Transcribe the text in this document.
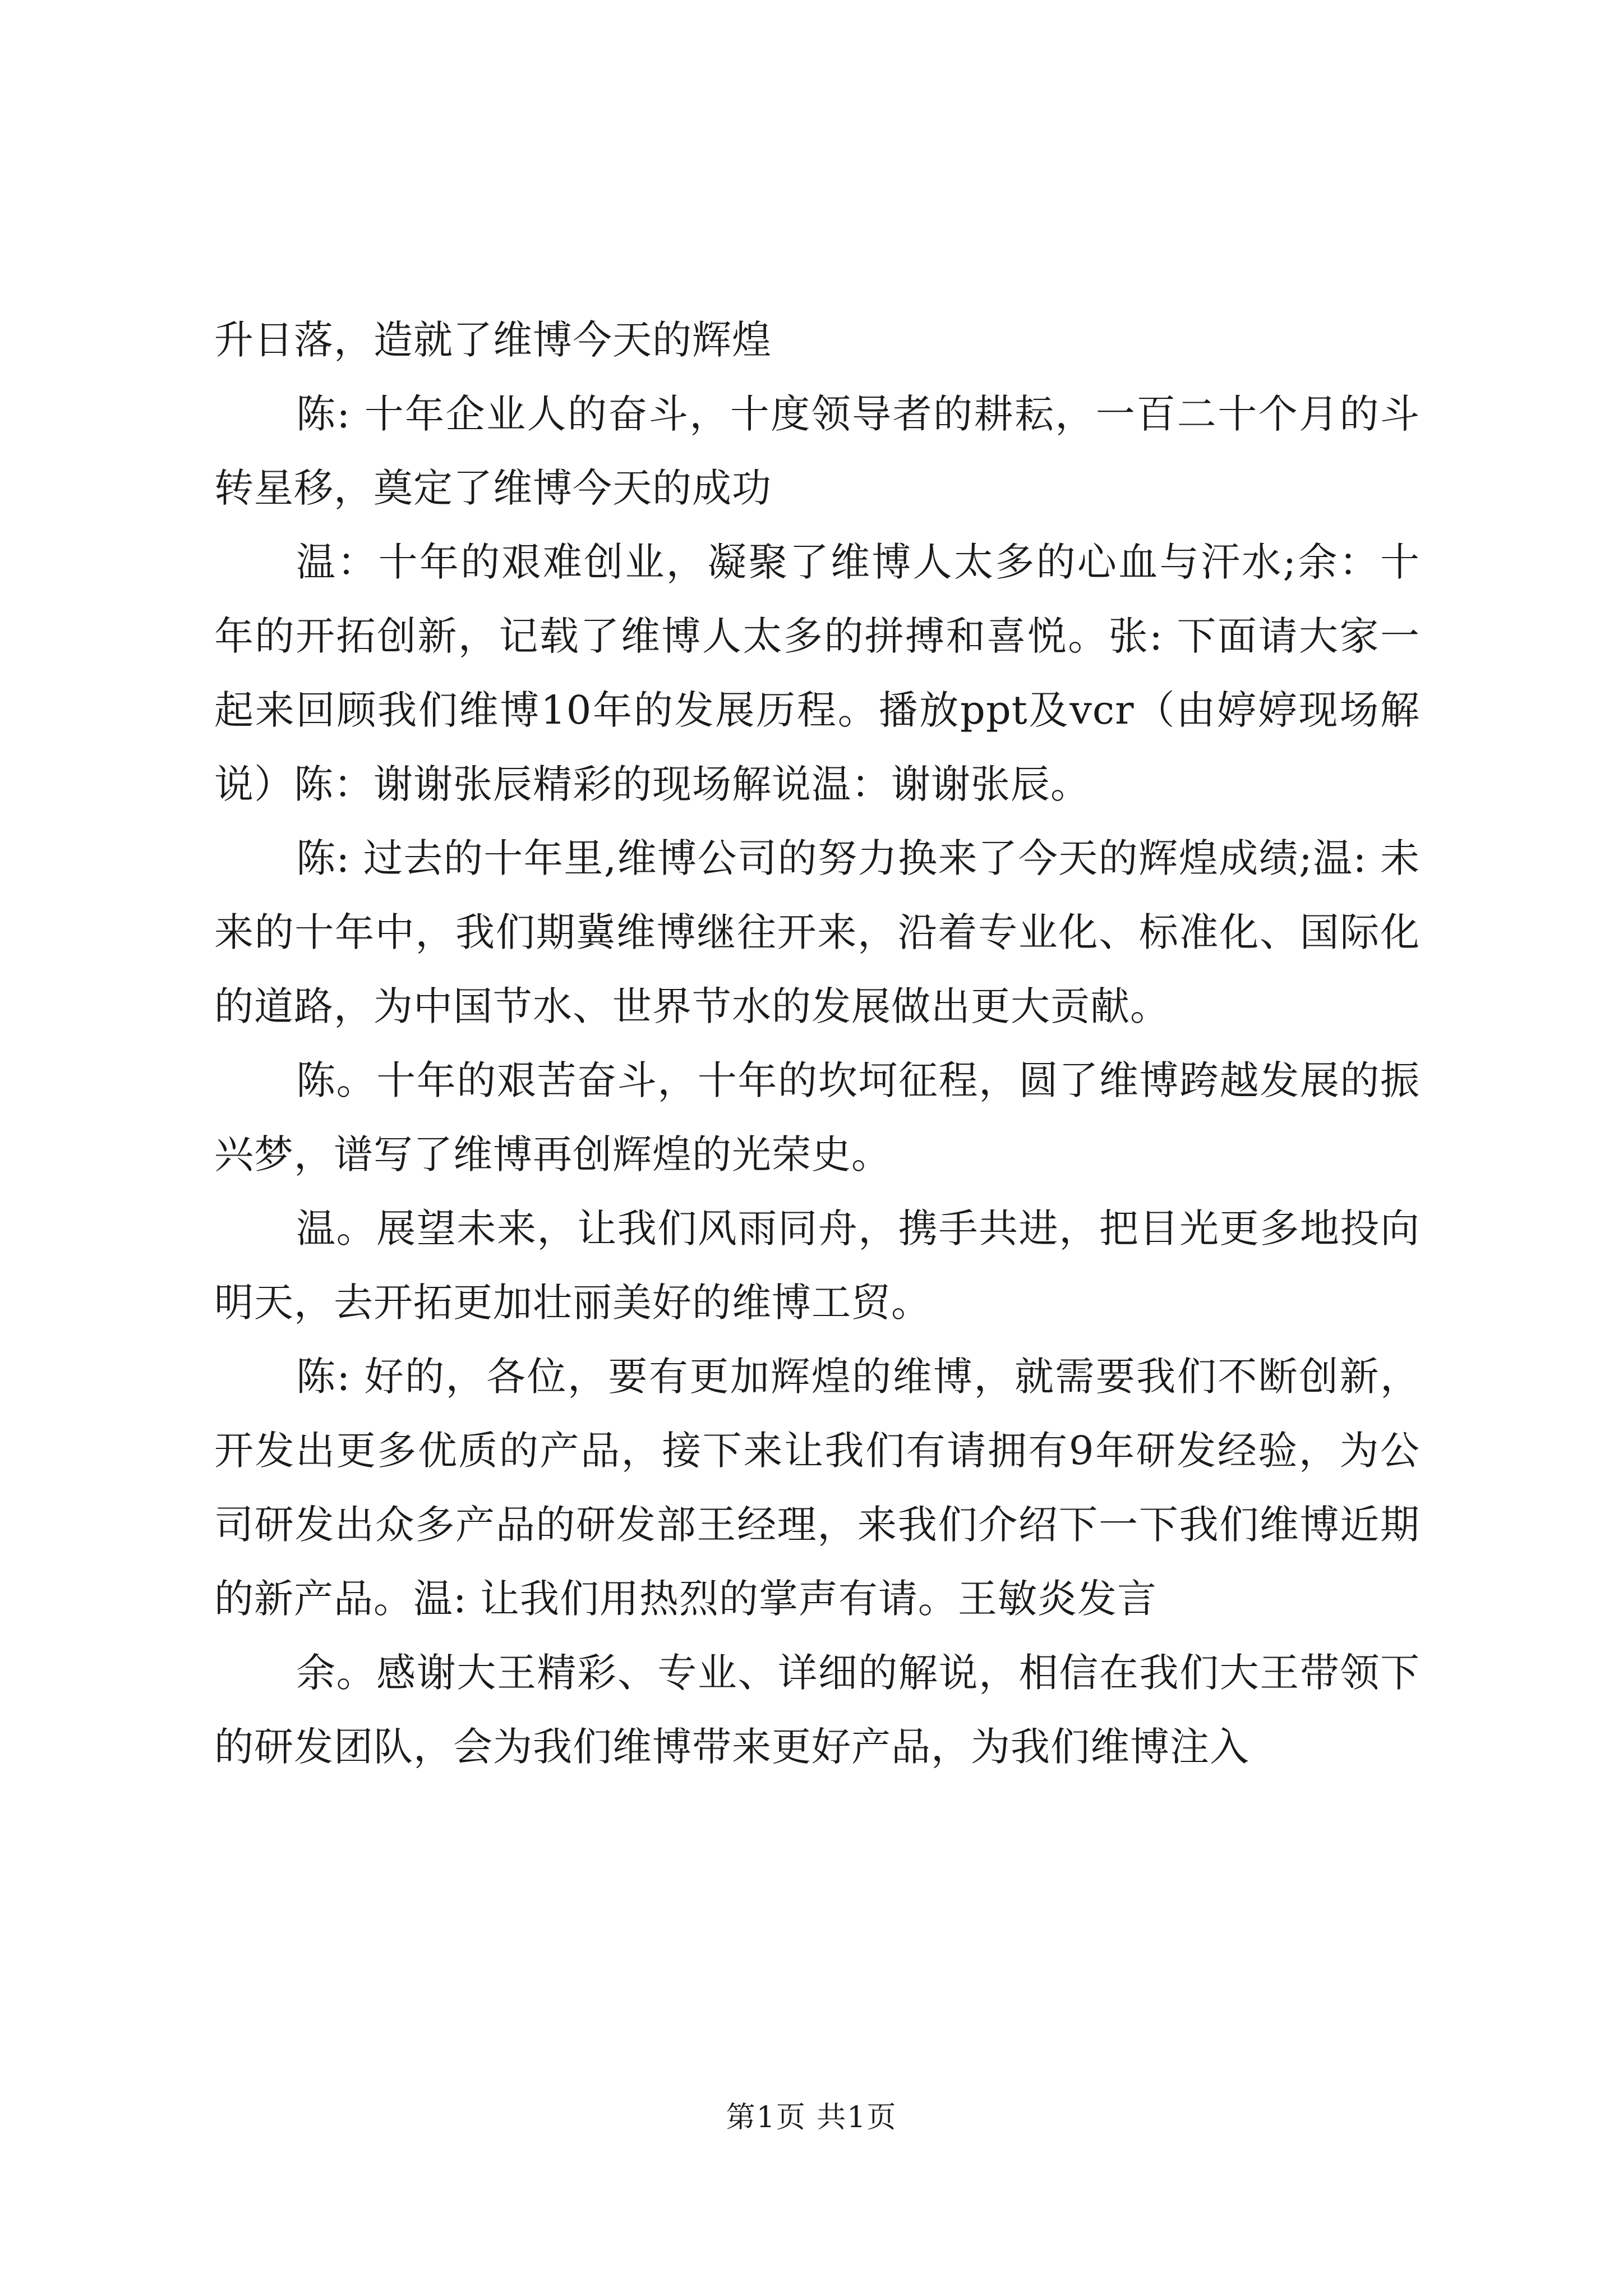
升日落，造就了维博今天的辉煌

陈: 十年企业人的奋斗，十度领导者的耕耘，一百二十个月的斗转星移，奠定了维博今天的成功

温：十年的艰难创业，凝聚了维博人太多的心血与汗水;余：十年的开拓创新，记载了维博人太多的拼搏和喜悦。张: 下面请大家一起来回顾我们维博10年的发展历程。播放ppt及vcr（由婷婷现场解说）陈：谢谢张辰精彩的现场解说温：谢谢张辰。

陈: 过去的十年里,维博公司的努力换来了今天的辉煌成绩;温: 未来的十年中，我们期冀维博继往开来，沿着专业化、标准化、国际化的道路，为中国节水、世界节水的发展做出更大贡献。

陈。十年的艰苦奋斗，十年的坎坷征程，圆了维博跨越发展的振兴梦，谱写了维博再创辉煌的光荣史。

温。展望未来，让我们风雨同舟，携手共进，把目光更多地投向明天，去开拓更加壮丽美好的维博工贸。

陈: 好的，各位，要有更加辉煌的维博，就需要我们不断创新，开发出更多优质的产品，接下来让我们有请拥有9年研发经验，为公司研发出众多产品的研发部王经理，来我们介绍下一下我们维博近期的新产品。温: 让我们用热烈的掌声有请。王敏炎发言

余。感谢大王精彩、专业、详细的解说，相信在我们大王带领下的研发团队，会为我们维博带来更好产品，为我们维博注入

第1页 共1页
